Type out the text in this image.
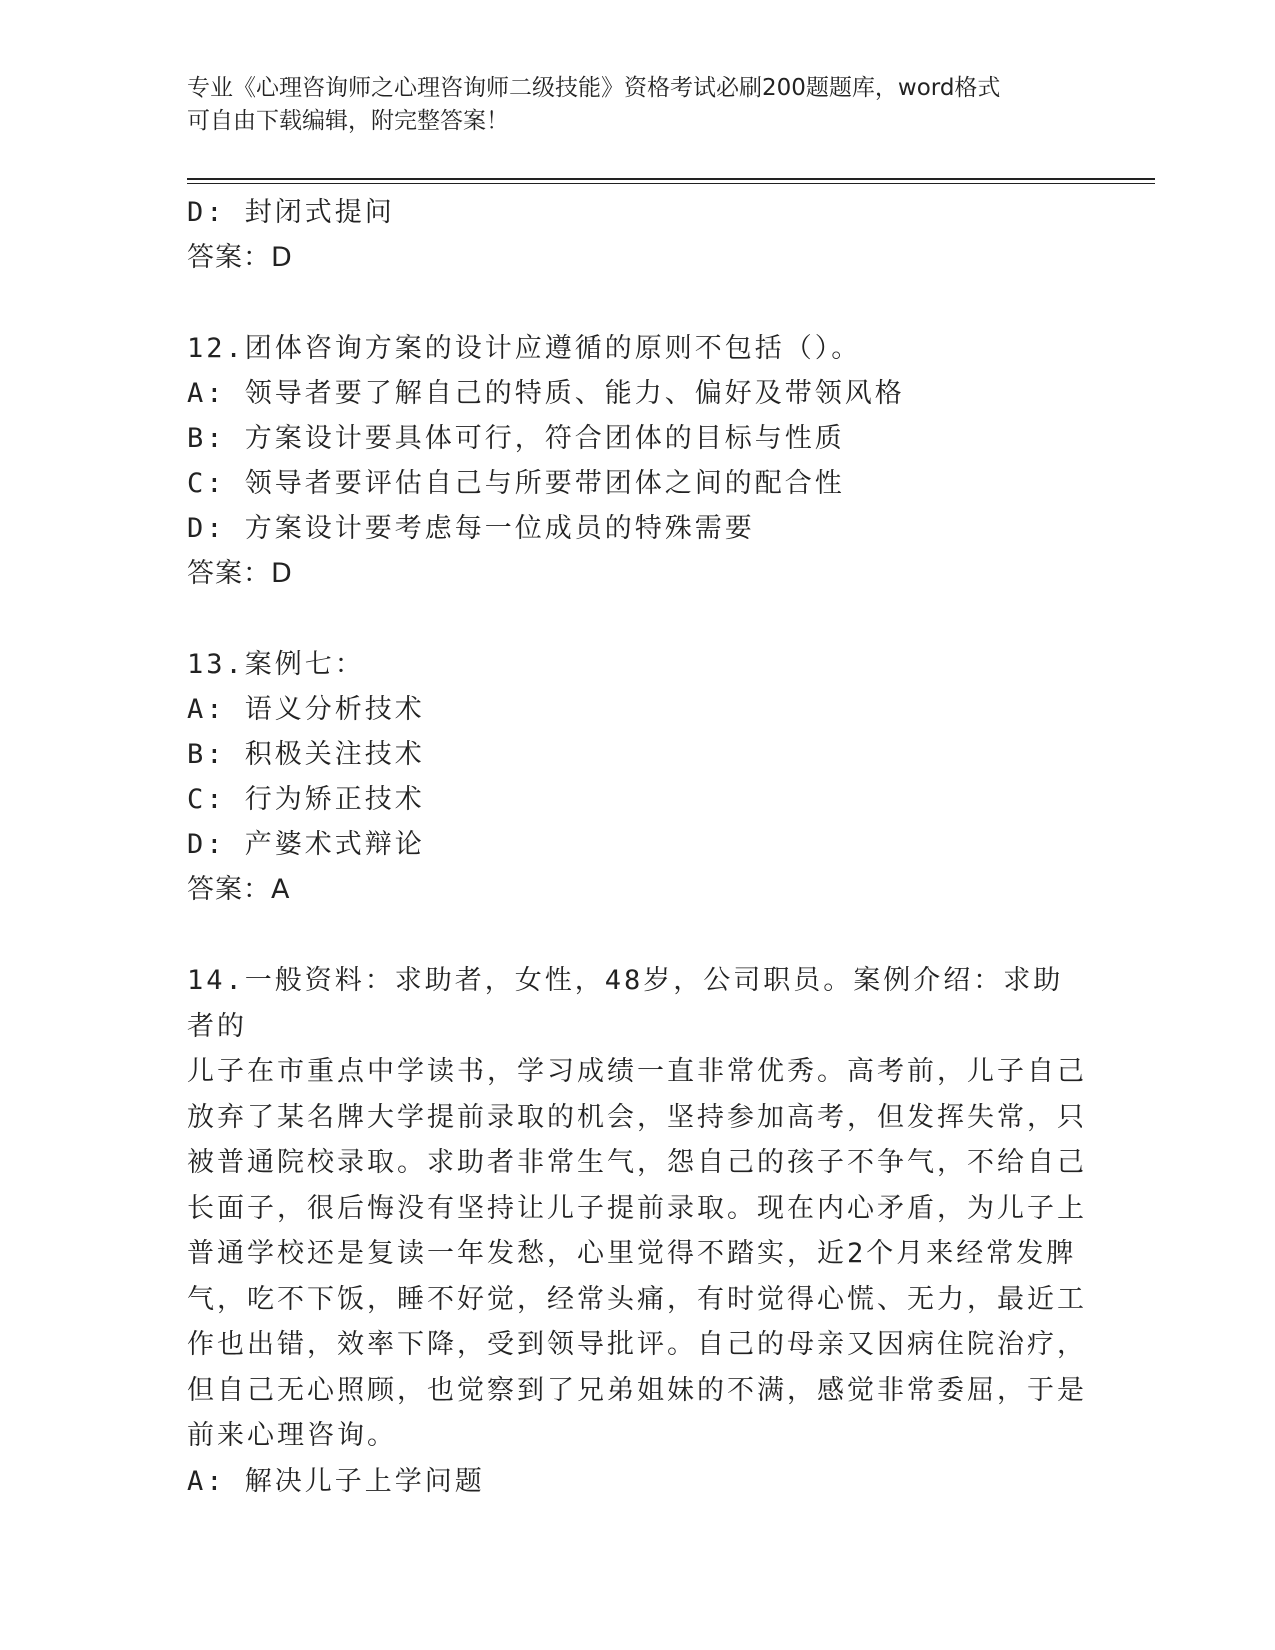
专业《心理咨询师之心理咨询师二级技能》资格考试必刷200题题库，word格式
可自由下载编辑，附完整答案！
D: 封闭式提问
答案：D
12.团体咨询方案的设计应遵循的原则不包括（）。
A: 领导者要了解自己的特质、能力、偏好及带领风格
B: 方案设计要具体可行，符合团体的目标与性质
C: 领导者要评估自己与所要带团体之间的配合性
D: 方案设计要考虑每一位成员的特殊需要
答案：D
13.案例七：
A: 语义分析技术
B: 积极关注技术
C: 行为矫正技术
D: 产婆术式辩论
答案：A
14.一般资料：求助者，女性，48岁，公司职员。案例介绍：求助者的
儿子在市重点中学读书，学习成绩一直非常优秀。高考前，儿子自己
放弃了某名牌大学提前录取的机会，坚持参加高考，但发挥失常，只
被普通院校录取。求助者非常生气，怨自己的孩子不争气，不给自己
长面子，很后悔没有坚持让儿子提前录取。现在内心矛盾，为儿子上
普通学校还是复读一年发愁，心里觉得不踏实，近2个月来经常发脾
气，吃不下饭，睡不好觉，经常头痛，有时觉得心慌、无力，最近工
作也出错，效率下降，受到领导批评。自己的母亲又因病住院治疗，
但自己无心照顾，也觉察到了兄弟姐妹的不满，感觉非常委屈，于是
前来心理咨询。
A: 解决儿子上学问题
